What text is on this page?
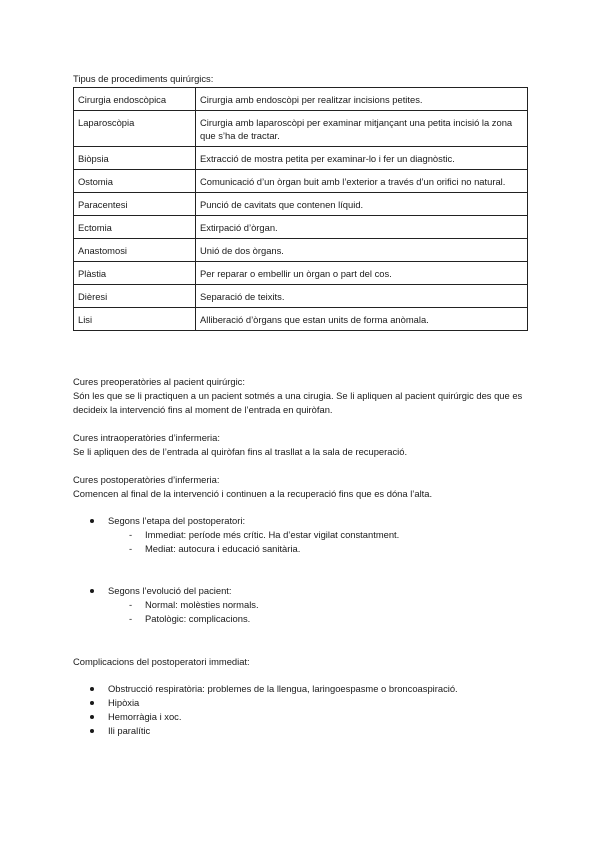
Tipus de procediments quirúrgics:
Cirurgia endoscòpica	Cirurgia amb endoscòpi per realitzar incisions petites.
Laparoscòpia	Cirurgia amb laparoscòpi per examinar mitjançant una petita incisió la zona que s’ha de tractar.
Biòpsia	Extracció de mostra petita per examinar-lo i fer un diagnòstic.
Ostomia	Comunicació d’un òrgan buit amb l’exterior a través d’un orifici no natural.
Paracentesi	Punció de cavitats que contenen líquid.
Ectomia	Extirpació d’òrgan.
Anastomosi	Unió de dos òrgans.
Plàstia	Per reparar o embellir un òrgan o part del cos.
Dièresi	Separació de teixits.
Lisi	Alliberació d’òrgans que estan units de forma anòmala.

Cures preoperatòries al pacient quirúrgic:

Són les que se li practiquen a un pacient sotmés a una cirugia. Se li apliquen al pacient quirúrgic des que es decideix la intervenció fins al moment de l’entrada en quiròfan.

Cures intraoperatòries d’infermeria:

Se li apliquen des de l’entrada al quiròfan fins al trasllat a la sala de recuperació.

Cures postoperatòries d’infermeria:

Comencen al final de la intervenció i continuen a la recuperació fins que es dóna l’alta.

Segons l’etapa del postoperatori:
- Immediat: període més crític. Ha d’estar vigilat constantment.
- Mediat: autocura i educació sanitària.
Segons l’evolució del pacient:
- Normal: molèsties normals.
- Patològic: complicacions.
Complicacions del postoperatori immediat:
Obstrucció respiratòria: problemes de la llengua, laringoespasme o broncoaspiració.
Hipòxia
Hemorràgia i xoc.
Ili paralític
